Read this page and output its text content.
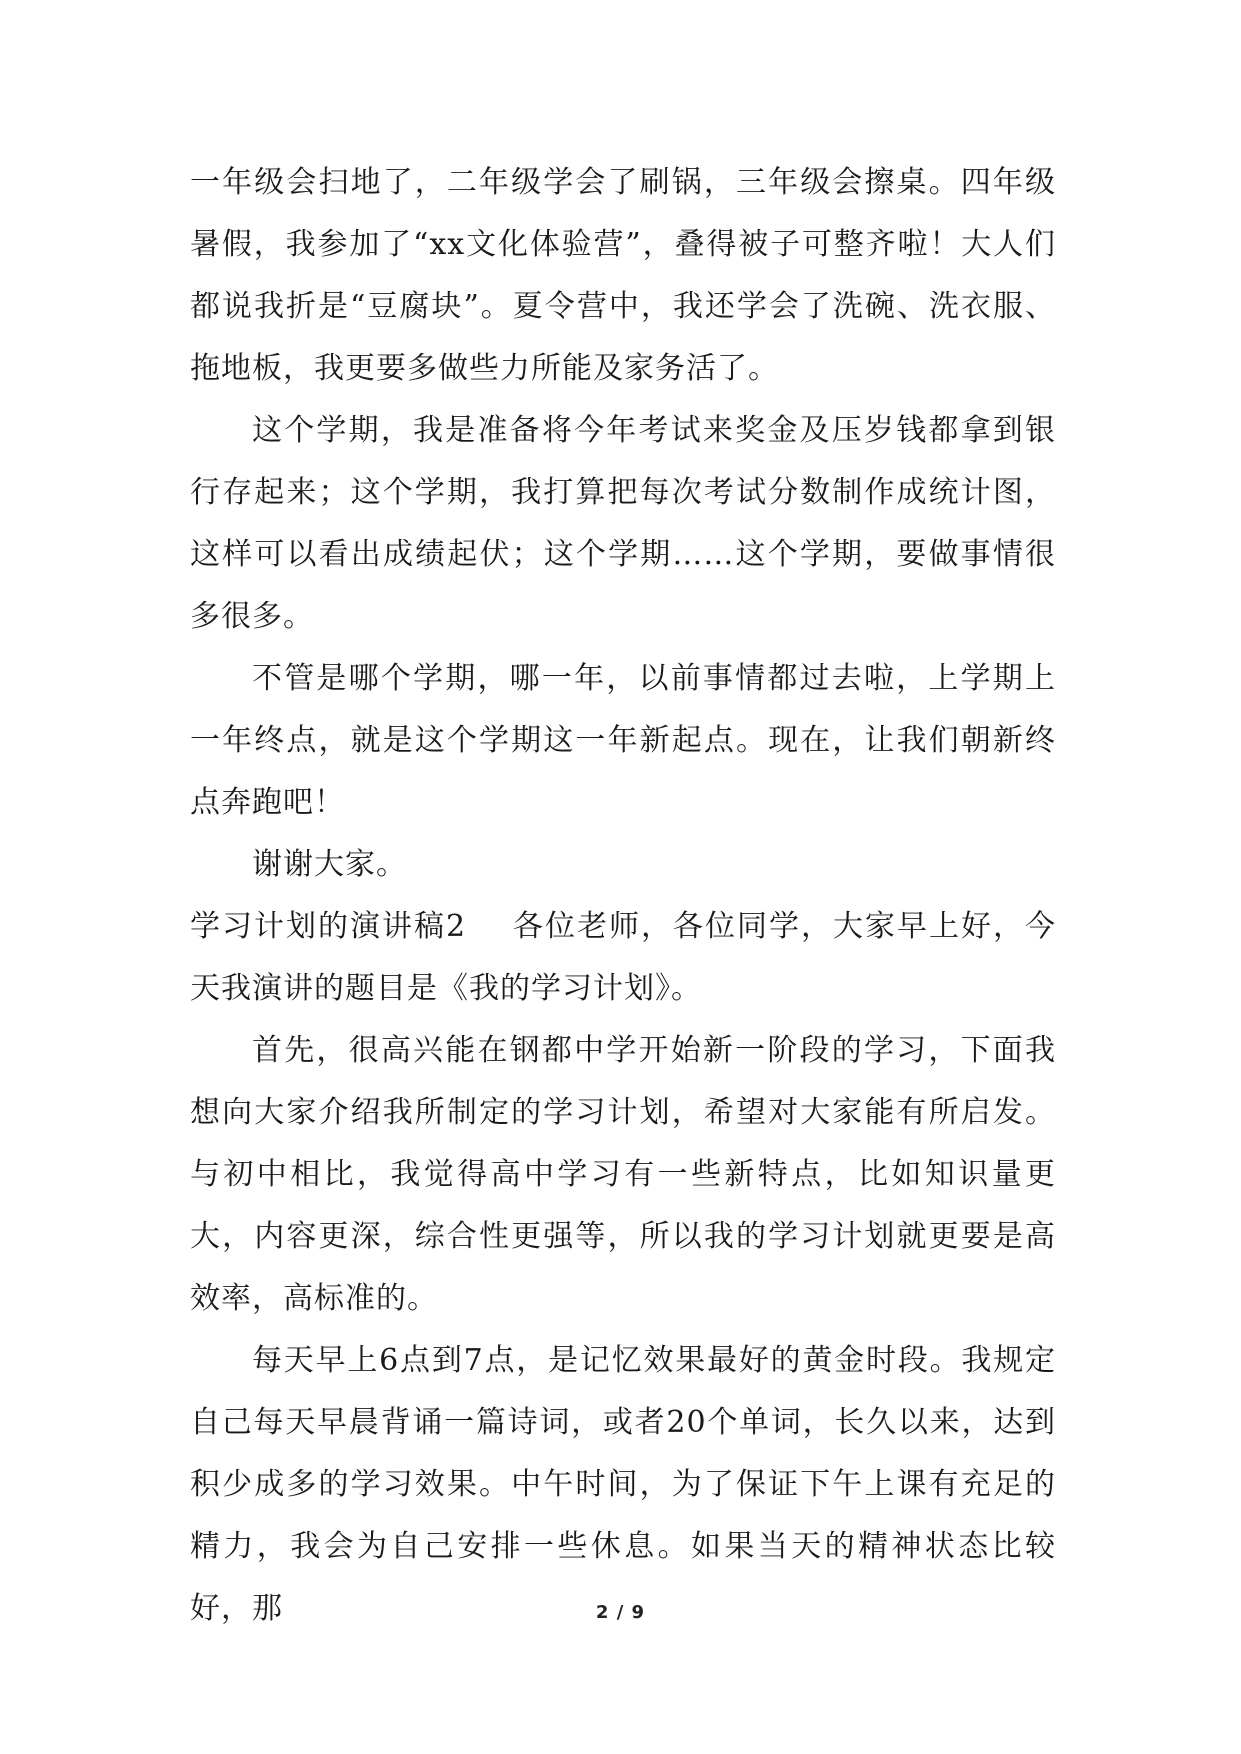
一年级会扫地了，二年级学会了刷锅，三年级会擦桌。四年级暑假，我参加了“xx文化体验营”，叠得被子可整齐啦！大人们都说我折是“豆腐块”。夏令营中，我还学会了洗碗、洗衣服、拖地板，我更要多做些力所能及家务活了。

这个学期，我是准备将今年考试来奖金及压岁钱都拿到银行存起来；这个学期，我打算把每次考试分数制作成统计图，这样可以看出成绩起伏；这个学期……这个学期，要做事情很多很多。

不管是哪个学期，哪一年，以前事情都过去啦，上学期上一年终点，就是这个学期这一年新起点。现在，让我们朝新终点奔跑吧！

谢谢大家。

学习计划的演讲稿2 各位老师，各位同学，大家早上好，今天我演讲的题目是《我的学习计划》。

首先，很高兴能在钢都中学开始新一阶段的学习，下面我想向大家介绍我所制定的学习计划，希望对大家能有所启发。与初中相比，我觉得高中学习有一些新特点，比如知识量更大，内容更深，综合性更强等，所以我的学习计划就更要是高效率，高标准的。

每天早上6点到7点，是记忆效果最好的黄金时段。我规定自己每天早晨背诵一篇诗词，或者20个单词，长久以来，达到积少成多的学习效果。中午时间，为了保证下午上课有充足的精力，我会为自己安排一些休息。如果当天的精神状态比较好，那	2 / 9
